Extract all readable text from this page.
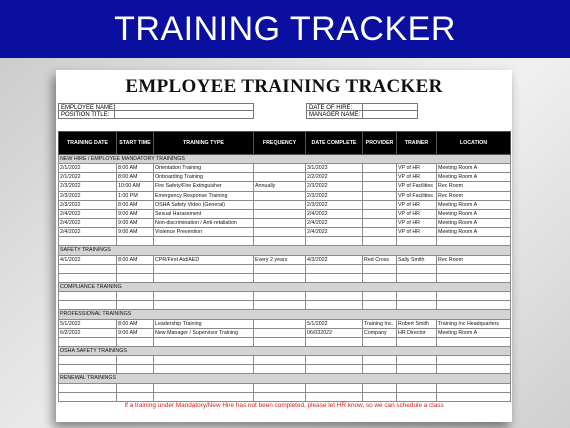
TRAINING TRACKER
EMPLOYEE TRAINING TRACKER
EMPLOYEE NAME:
POSITION TITLE:
DATE OF HIRE:
MANAGER NAME:
TRAINING DATE	START TIME	TRAINING TYPE	FREQUENCY	DATE COMPLETE	PROVIDER	TRAINER	LOCATION
NEW HIRE / EMPLOYEE MANDATORY TRAININGS							
2/1/2022	8:00 AM	Orientation Training		3/1/2023		VP of HR	Meeting Room A
2/1/2022	8:00 AM	Onboarding Training		2/2/2022		VP of HR	Meeting Room A
2/3/2022	10:00 AM	Fire Safety/Fire Extinguisher	Annually	2/3/2022		VP of Facilities	Rec Room
2/3/2022	1:00 PM	Emergency Response Training		2/3/2022		VP of Facilities	Rec Room
2/3/2022	8:00 AM	OSHA Safety Video (General)		2/3/2022		VP of HR	Meeting Room A
2/4/2022	9:00 AM	Sexual Harassment		2/4/2022		VP of HR	Meeting Room A
2/4/2022	9:00 AM	Non-discrimination / Anti-retaliation		2/4/2022		VP of HR	Meeting Room A
2/4/2022	9:00 AM	Violence Prevention		2/4/2022		VP of HR	Meeting Room A

SAFETY TRAININGS							
4/1/2022	8:00 AM	CPR/First Aid/AED	Every 2 years	4/3/2022	Red Cross	Sally Smith	Rec Room

COMPLIANCE TRAINING							

PROFESSIONAL TRAININGS							
5/1/2022	8:00 AM	Leadership Training		5/1/2022	Training Inc.	Robert Smith	Training Inc Headquarters
6/2/2022	9:00 AM	New Manager / Supervisor Training		06/032022	Company	HR Director	Meeting Room A

OSHA SAFETY TRAININGS							

RENEWAL TRAININGS							

If a training under Mandatory/New Hire has not been completed, please let HR know, so we can schedule a class
